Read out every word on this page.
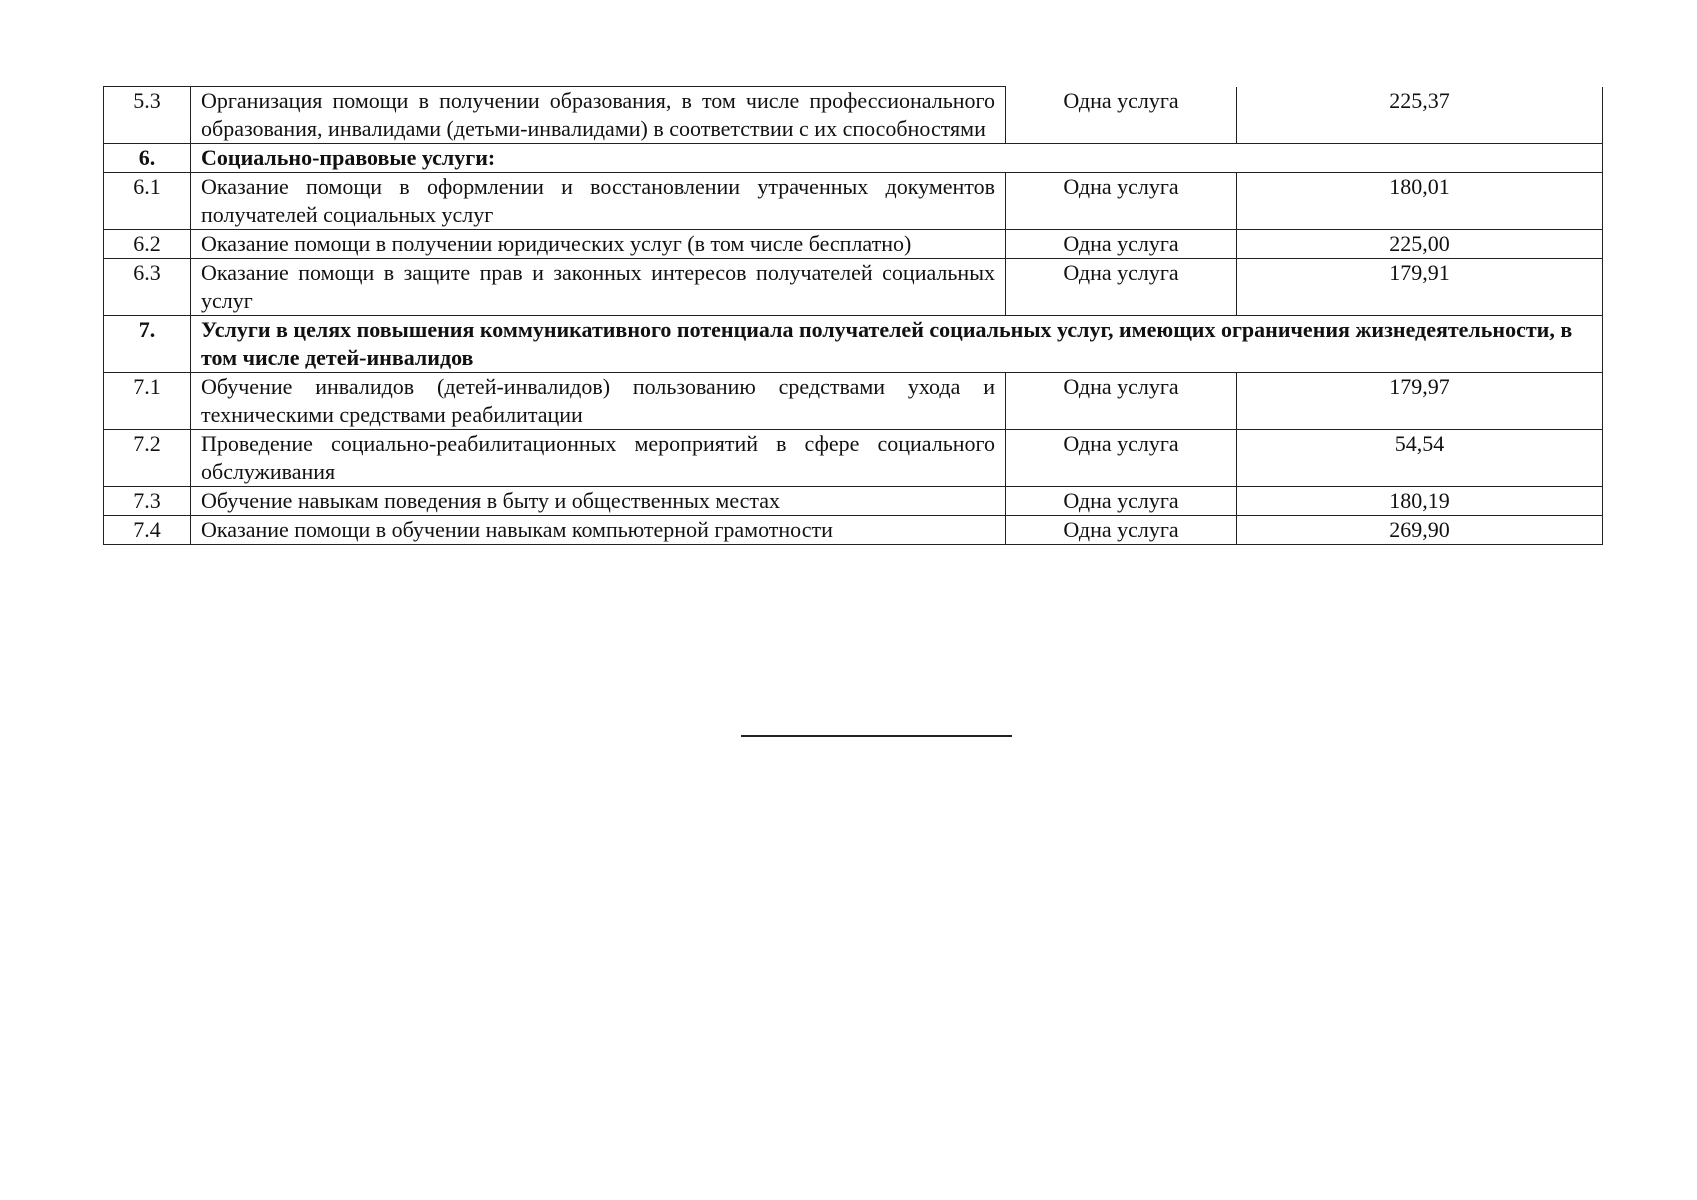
5.3	Организация помощи в получении образования, в том числе профессионального образования, инвалидами (детьми-инвалидами) в соответствии с их способностями	Одна услуга	225,37
6.	Социально-правовые услуги:		
6.1	Оказание помощи в оформлении и восстановлении утраченных документов получателей социальных услуг	Одна услуга	180,01
6.2	Оказание помощи в получении юридических услуг (в том числе бесплатно)	Одна услуга	225,00
6.3	Оказание помощи в защите прав и законных интересов получателей социальных услуг	Одна услуга	179,91
7.	Услуги в целях повышения коммуникативного потенциала получателей социальных услуг, имеющих ограничения жизнедеятельности, в том числе детей-инвалидов		
7.1	Обучение инвалидов (детей-инвалидов) пользованию средствами ухода и техническими средствами реабилитации	Одна услуга	179,97
7.2	Проведение социально-реабилитационных мероприятий в сфере социального обслуживания	Одна услуга	54,54
7.3	Обучение навыкам поведения в быту и общественных местах	Одна услуга	180,19
7.4	Оказание помощи в обучении навыкам компьютерной грамотности	Одна услуга	269,90
